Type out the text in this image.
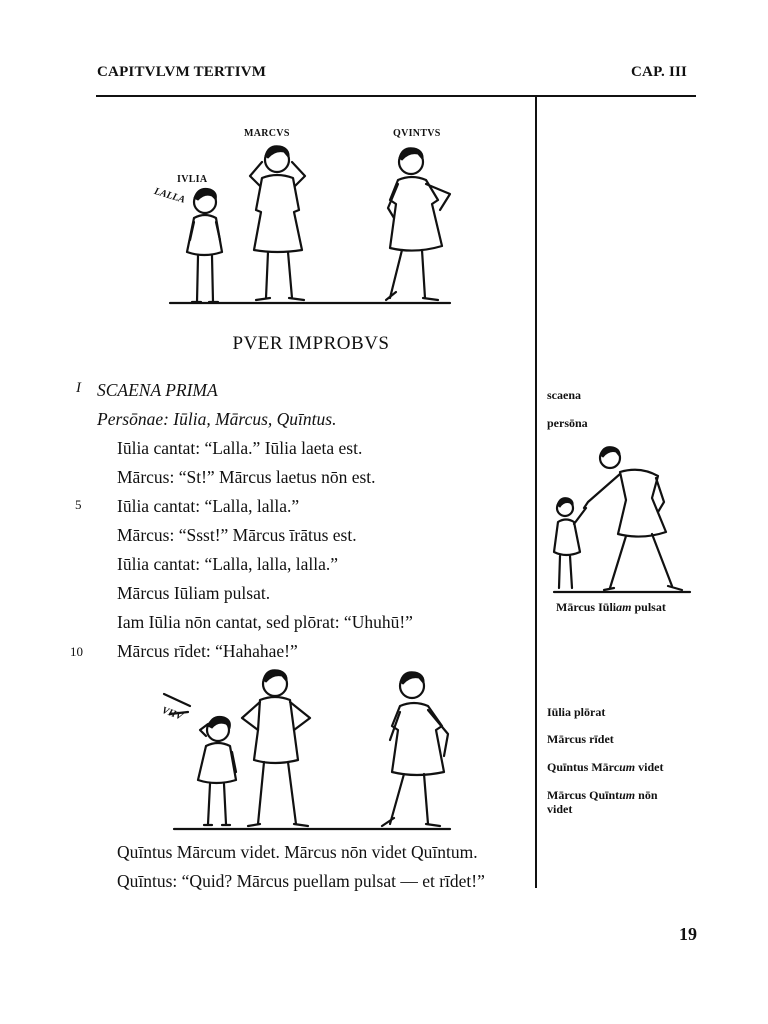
CAPITVLVM TERTIVM	CAP. III
MARCVS	QVINTVS
IVLIA
LALLA
PVER IMPROBVS
I
5
10
SCAENA PRIMA
Persōnae: Iūlia, Mārcus, Quīntus.
Iūlia cantat: “Lalla.” Iūlia laeta est.
Mārcus: “St!” Mārcus laetus nōn est.
Iūlia cantat: “Lalla, lalla.”
Mārcus: “Ssst!” Mārcus īrātus est.
Iūlia cantat: “Lalla, lalla, lalla.”
Mārcus Iūliam pulsat.
Iam Iūlia nōn cantat, sed plōrat: “Uhuhū!”
Mārcus rīdet: “Hahahae!”
VHV
Quīntus Mārcum videt. Mārcus nōn videt Quīntum.
Quīntus: “Quid? Mārcus puellam pulsat — et rīdet!”
scaena
persōna
Mārcus Iūliam pulsat
Iūlia plōrat
Mārcus rīdet
Quīntus Mārcum videt
Mārcus Quīntum nōn videt
19
